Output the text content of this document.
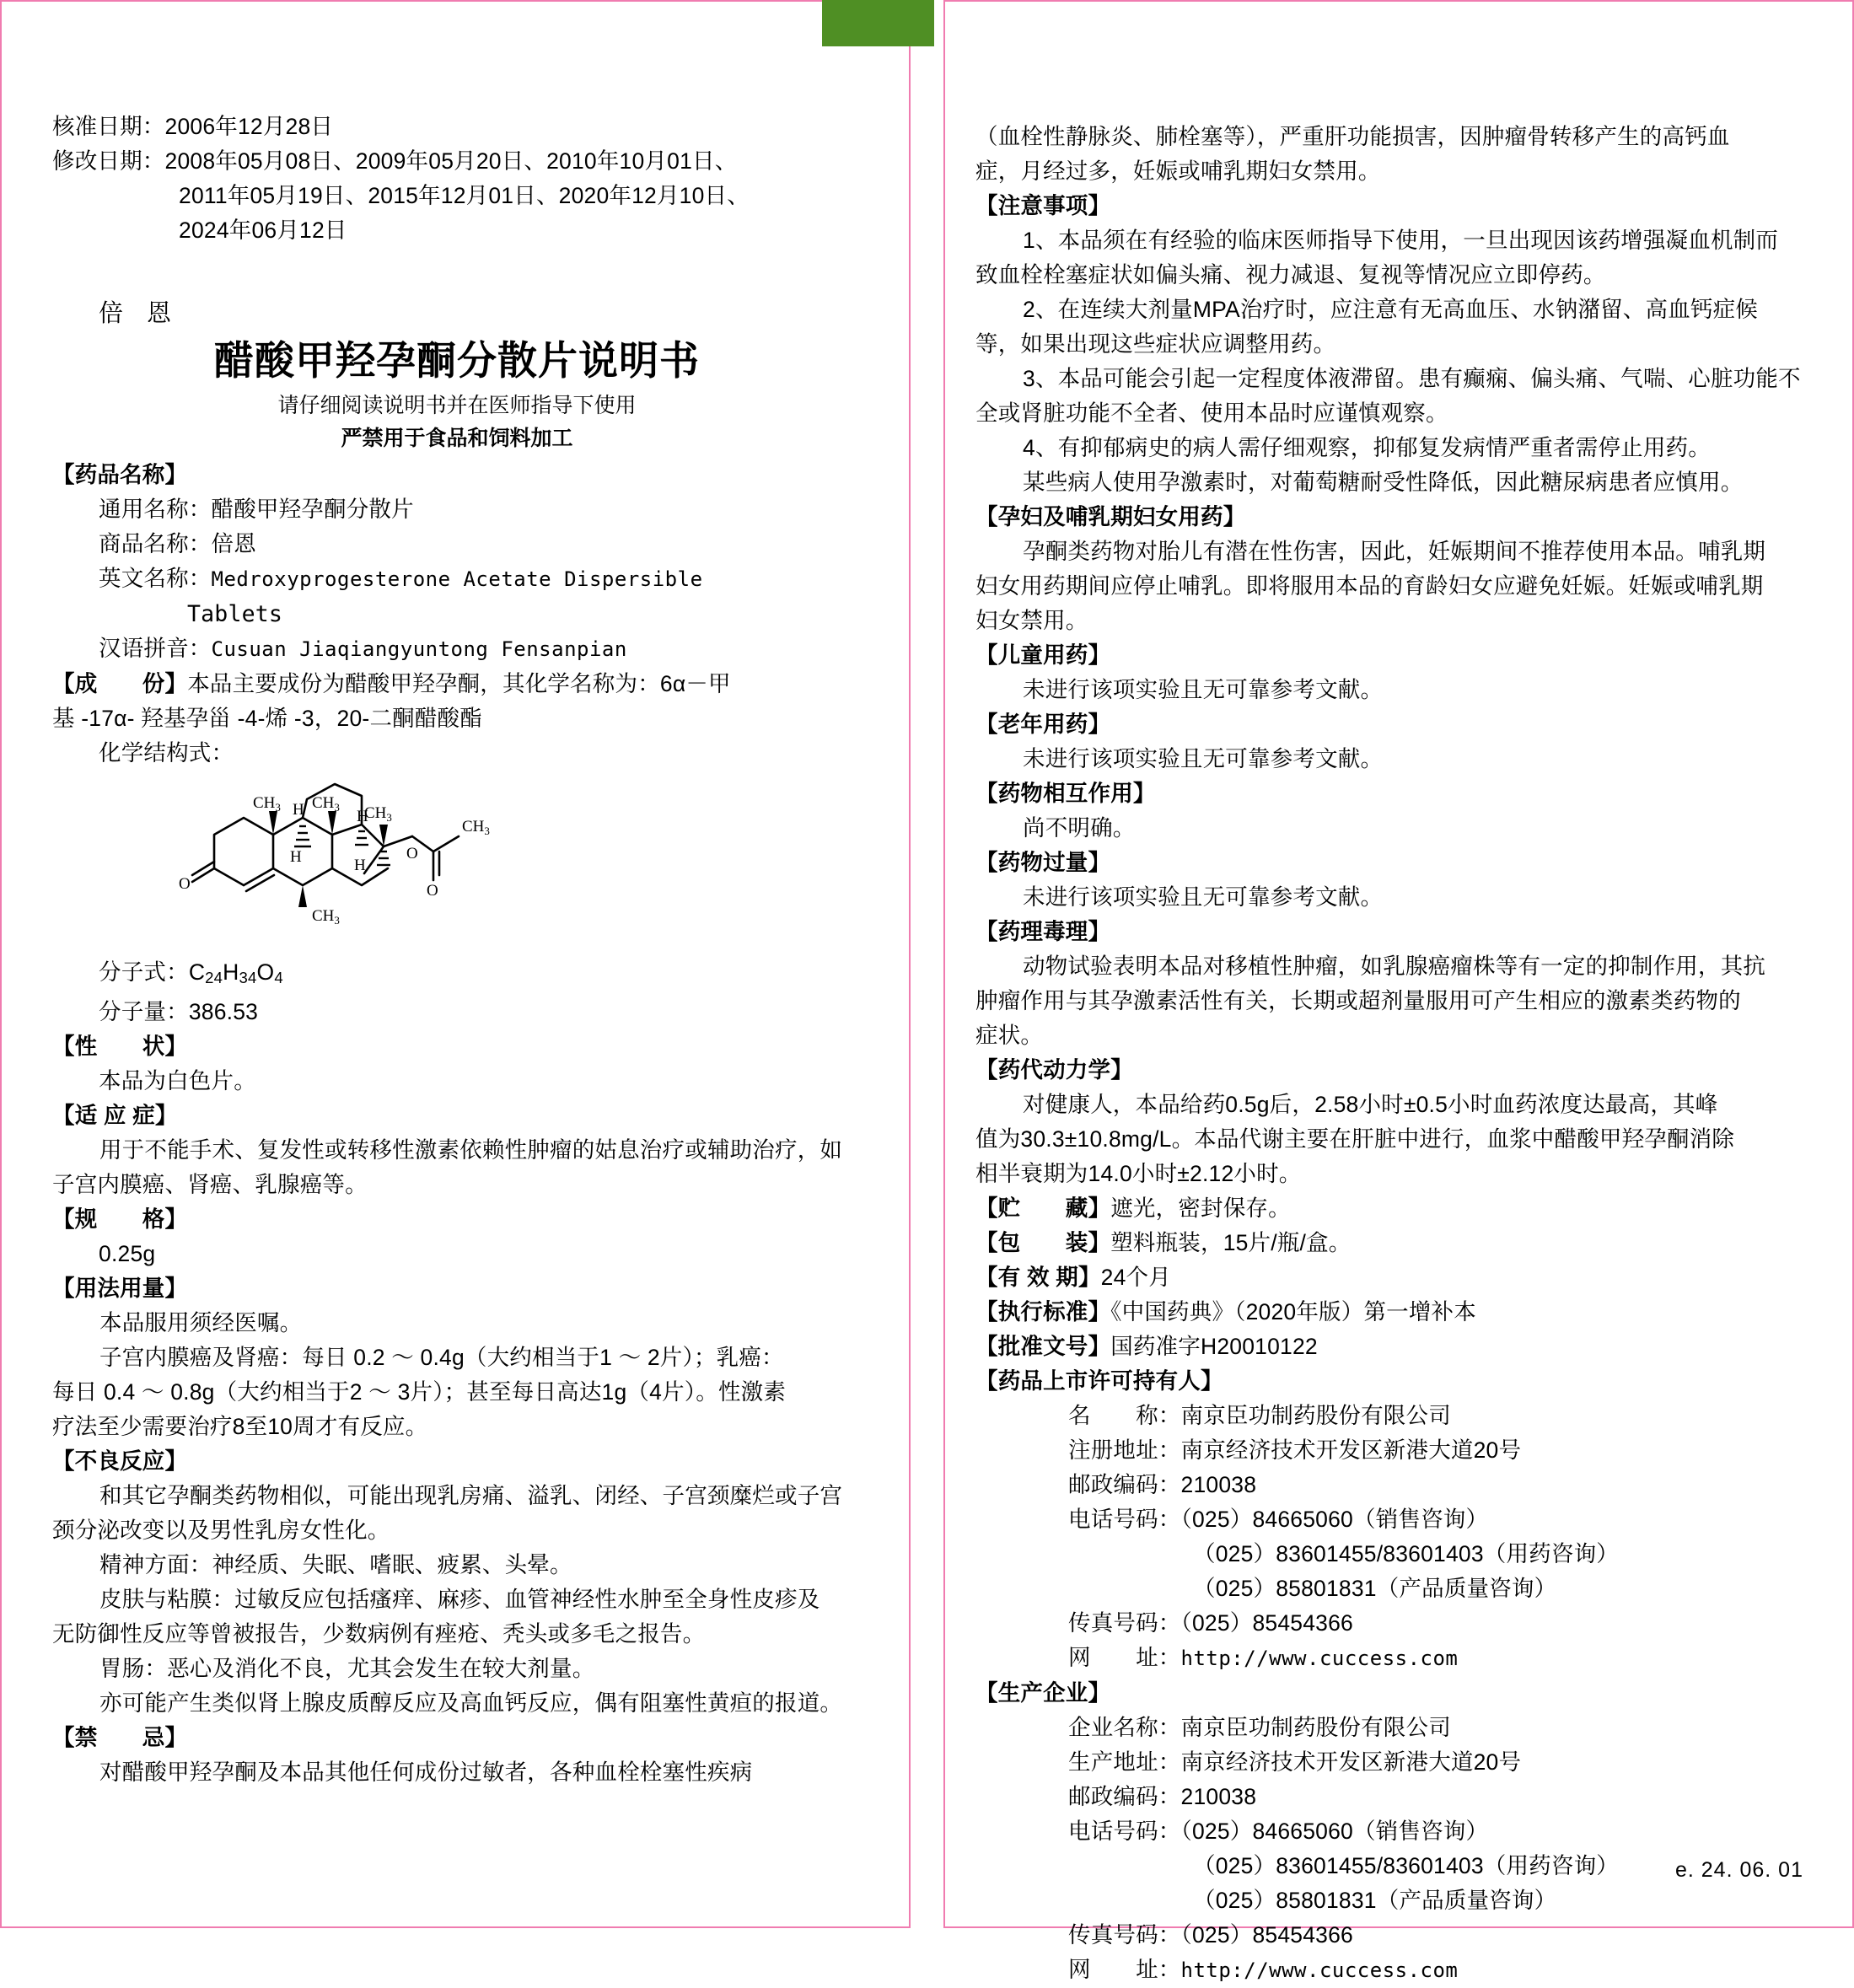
核准日期：2006年12月28日
修改日期：2008年05月08日、2009年05月20日、2010年10月01日、
2011年05月19日、2015年12月01日、2020年12月10日、
2024年06月12日
倍 恩
醋酸甲羟孕酮分散片说明书
请仔细阅读说明书并在医师指导下使用
严禁用于食品和饲料加工
【药品名称】
通用名称：醋酸甲羟孕酮分散片
商品名称：倍恩
英文名称：Medroxyprogesterone Acetate Dispersible
Tablets
汉语拼音：Cusuan Jiaqiangyuntong Fensanpian
【成　　份】本品主要成份为醋酸甲羟孕酮，其化学名称为：6α－甲
基 -17α- 羟基孕甾 -4-烯 -3，20-二酮醋酸酯
化学结构式：
$CH_3$ $CH_3$ $CH_3$
$CH_3$
$CH_3$
H
H
H
H
O
O
O
分子式：$C_{24}H_{34}O_4$
分子量：386.53
【性　　状】
本品为白色片。
【适 应 症】
用于不能手术、复发性或转移性激素依赖性肿瘤的姑息治疗或辅助治疗，如
子宫内膜癌、肾癌、乳腺癌等。
【规　　格】
0.25g
【用法用量】
本品服用须经医嘱。
子宫内膜癌及肾癌：每日 0.2 ～ 0.4g（大约相当于1 ～ 2片）；乳癌：
每日 0.4 ～ 0.8g（大约相当于2 ～ 3片）；甚至每日高达1g（4片）。性激素
疗法至少需要治疗8至10周才有反应。
【不良反应】
和其它孕酮类药物相似，可能出现乳房痛、溢乳、闭经、子宫颈糜烂或子宫
颈分泌改变以及男性乳房女性化。
精神方面：神经质、失眠、嗜眠、疲累、头晕。
皮肤与粘膜：过敏反应包括瘙痒、麻疹、血管神经性水肿至全身性皮疹及
无防御性反应等曾被报告，少数病例有痤疮、秃头或多毛之报告。
胃肠：恶心及消化不良，尤其会发生在较大剂量。
亦可能产生类似肾上腺皮质醇反应及高血钙反应，偶有阻塞性黄疸的报道。
【禁　　忌】
对醋酸甲羟孕酮及本品其他任何成份过敏者，各种血栓栓塞性疾病
（血栓性静脉炎、肺栓塞等），严重肝功能损害，因肿瘤骨转移产生的高钙血
症，月经过多，妊娠或哺乳期妇女禁用。
【注意事项】
1、本品须在有经验的临床医师指导下使用，一旦出现因该药增强凝血机制而
致血栓栓塞症状如偏头痛、视力减退、复视等情况应立即停药。
2、在连续大剂量MPA治疗时，应注意有无高血压、水钠潴留、高血钙症候
等，如果出现这些症状应调整用药。
3、本品可能会引起一定程度体液滞留。患有癫痫、偏头痛、气喘、心脏功能不
全或肾脏功能不全者、使用本品时应谨慎观察。
4、有抑郁病史的病人需仔细观察，抑郁复发病情严重者需停止用药。
某些病人使用孕激素时，对葡萄糖耐受性降低，因此糖尿病患者应慎用。
【孕妇及哺乳期妇女用药】
孕酮类药物对胎儿有潜在性伤害，因此，妊娠期间不推荐使用本品。哺乳期
妇女用药期间应停止哺乳。即将服用本品的育龄妇女应避免妊娠。妊娠或哺乳期
妇女禁用。
【儿童用药】
未进行该项实验且无可靠参考文献。
【老年用药】
未进行该项实验且无可靠参考文献。
【药物相互作用】
尚不明确。
【药物过量】
未进行该项实验且无可靠参考文献。
【药理毒理】
动物试验表明本品对移植性肿瘤，如乳腺癌瘤株等有一定的抑制作用，其抗
肿瘤作用与其孕激素活性有关，长期或超剂量服用可产生相应的激素类药物的
症状。
【药代动力学】
对健康人，本品给药0.5g后，2.58小时±0.5小时血药浓度达最高，其峰
值为30.3±10.8mg/L。本品代谢主要在肝脏中进行，血浆中醋酸甲羟孕酮消除
相半衰期为14.0小时±2.12小时。
【贮　　藏】遮光，密封保存。
【包　　装】塑料瓶装，15片/瓶/盒。
【有 效 期】24个月
【执行标准】《中国药典》（2020年版）第一增补本
【批准文号】国药准字H20010122
【药品上市许可持有人】
名　　称：南京臣功制药股份有限公司
注册地址：南京经济技术开发区新港大道20号
邮政编码：210038
电话号码：（025）84665060（销售咨询）
（025）83601455/83601403（用药咨询）
（025）85801831（产品质量咨询）
传真号码：（025）85454366
网　　址：http://www.cuccess.com
【生产企业】
企业名称：南京臣功制药股份有限公司
生产地址：南京经济技术开发区新港大道20号
邮政编码：210038
电话号码：（025）84665060（销售咨询）
（025）83601455/83601403（用药咨询）
（025）85801831（产品质量咨询）
传真号码：（025）85454366
网　　址：http://www.cuccess.com
e. 24. 06. 01
